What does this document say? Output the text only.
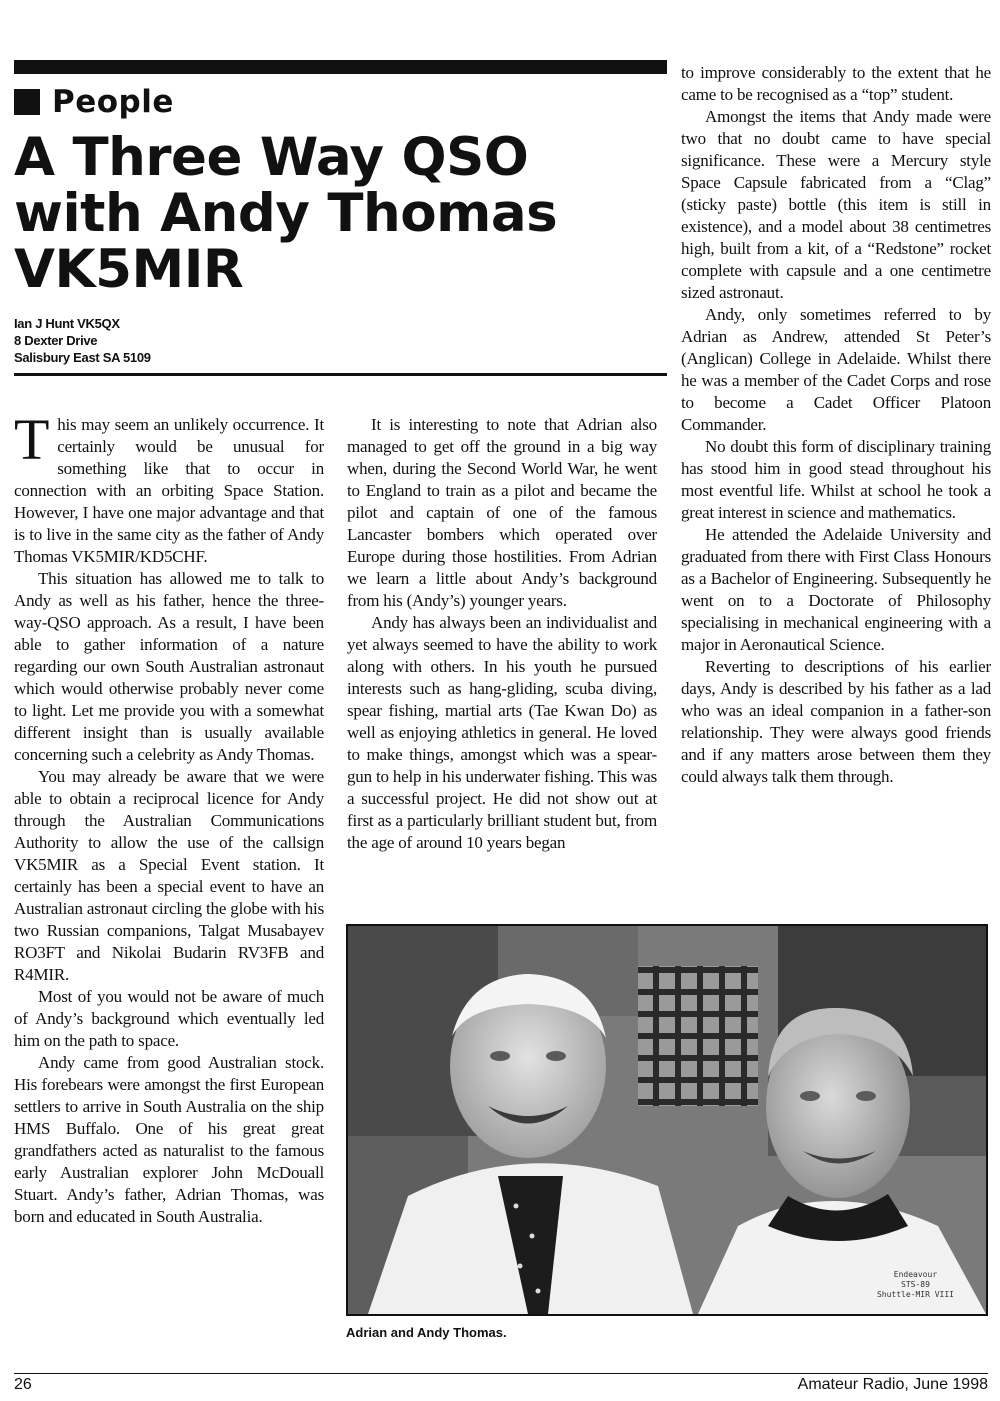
People
A Three Way QSO
with Andy Thomas
VK5MIR
Ian J Hunt VK5QX
8 Dexter Drive
Salisbury East SA 5109

This may seem an unlikely occurrence. It certainly would be unusual for something like that to occur in connection with an orbiting Space Station. However, I have one major advantage and that is to live in the same city as the father of Andy Thomas VK5MIR/KD5CHF.

This situation has allowed me to talk to Andy as well as his father, hence the three-way-QSO approach. As a result, I have been able to gather information of a nature regarding our own South Australian astronaut which would otherwise probably never come to light. Let me provide you with a somewhat different insight than is usually available concerning such a celebrity as Andy Thomas.

You may already be aware that we were able to obtain a reciprocal licence for Andy through the Australian Communications Authority to allow the use of the callsign VK5MIR as a Special Event station. It certainly has been a special event to have an Australian astronaut circling the globe with his two Russian companions, Talgat Musabayev RO3FT and Nikolai Budarin RV3FB and R4MIR.

Most of you would not be aware of much of Andy’s background which eventually led him on the path to space.

Andy came from good Australian stock. His forebears were amongst the first European settlers to arrive in South Australia on the ship HMS Buffalo. One of his great great grandfathers acted as naturalist to the famous early Australian explorer John McDouall Stuart. Andy’s father, Adrian Thomas, was born and educated in South Australia.

It is interesting to note that Adrian also managed to get off the ground in a big way when, during the Second World War, he went to England to train as a pilot and became the pilot and captain of one of the famous Lancaster bombers which operated over Europe during those hostilities. From Adrian we learn a little about Andy’s background from his (Andy’s) younger years.

Andy has always been an individualist and yet always seemed to have the ability to work along with others. In his youth he pursued interests such as hang-gliding, scuba diving, spear fishing, martial arts (Tae Kwan Do) as well as enjoying athletics in general. He loved to make things, amongst which was a spear-gun to help in his underwater fishing. This was a successful project. He did not show out at first as a particularly brilliant student but, from the age of around 10 years began

to improve considerably to the extent that he came to be recognised as a “top” student.

Amongst the items that Andy made were two that no doubt came to have special significance. These were a Mercury style Space Capsule fabricated from a “Clag” (sticky paste) bottle (this item is still in existence), and a model about 38 centimetres high, built from a kit, of a “Redstone” rocket complete with capsule and a one centimetre sized astronaut.

Andy, only sometimes referred to by Adrian as Andrew, attended St Peter’s (Anglican) College in Adelaide. Whilst there he was a member of the Cadet Corps and rose to become a Cadet Officer Platoon Commander.

No doubt this form of disciplinary training has stood him in good stead throughout his most eventful life. Whilst at school he took a great interest in science and mathematics.

He attended the Adelaide University and graduated from there with First Class Honours as a Bachelor of Engineering. Subsequently he went on to a Doctorate of Philosophy specialising in mechanical engineering with a major in Aeronautical Science.

Reverting to descriptions of his earlier days, Andy is described by his father as a lad who was an ideal companion in a father-son relationship. They were always good friends and if any matters arose between them they could always talk them through.

Endeavour
STS-89
Shuttle-MIR VIII
Adrian and Andy Thomas.
26	Amateur Radio, June 1998
